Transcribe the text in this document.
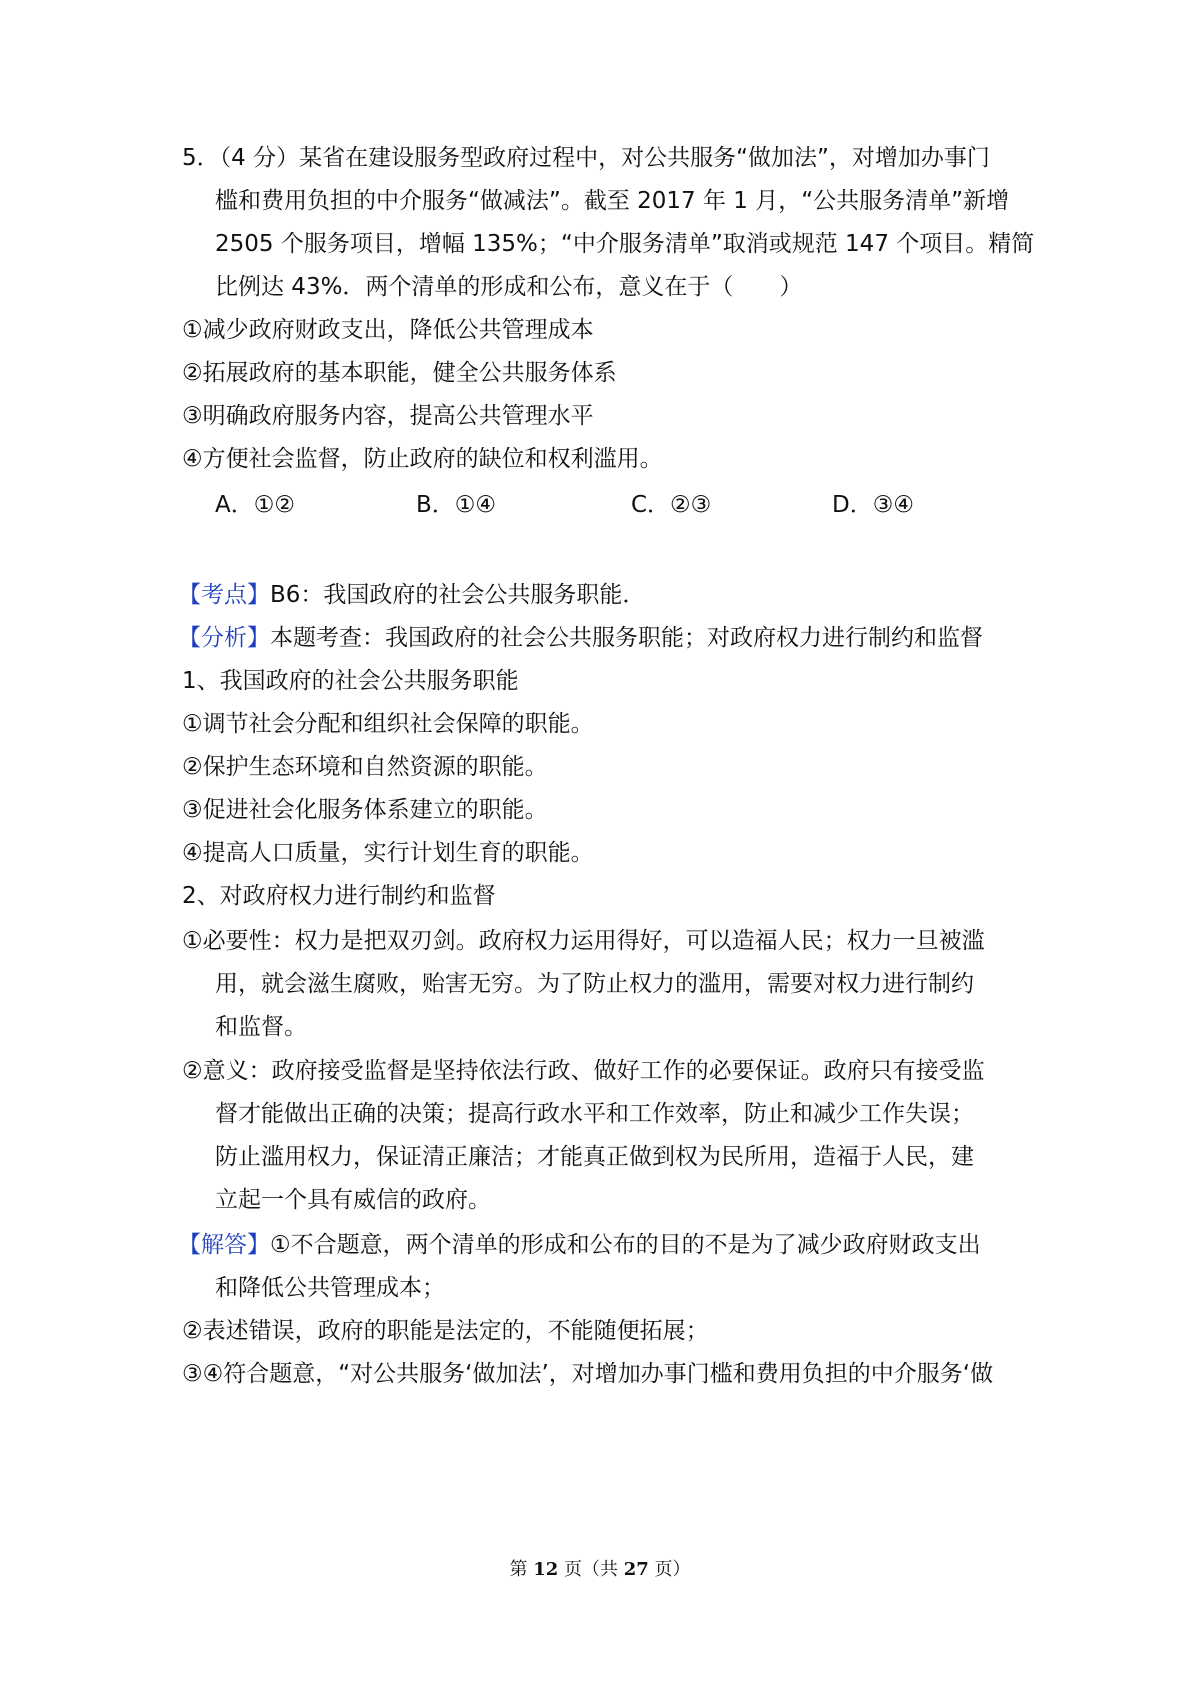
5．（4 分）某省在建设服务型政府过程中，对公共服务“做加法”，对增加办事门
槛和费用负担的中介服务“做减法”。截至 2017 年 1 月，“公共服务清单”新增
2505 个服务项目，增幅 135%；“中介服务清单”取消或规范 147 个项目。精简
比例达 43%．两个清单的形成和公布，意义在于（　　）
①减少政府财政支出，降低公共管理成本
②拓展政府的基本职能，健全公共服务体系
③明确政府服务内容，提高公共管理水平
④方便社会监督，防止政府的缺位和权利滥用。
A．①②	B．①④	C．②③	D．③④
【考点】B6：我国政府的社会公共服务职能．
【分析】本题考查：我国政府的社会公共服务职能；对政府权力进行制约和监督
1、我国政府的社会公共服务职能
①调节社会分配和组织社会保障的职能。
②保护生态环境和自然资源的职能。
③促进社会化服务体系建立的职能。
④提高人口质量，实行计划生育的职能。
2、对政府权力进行制约和监督
①必要性：权力是把双刃剑。政府权力运用得好，可以造福人民；权力一旦被滥
用，就会滋生腐败，贻害无穷。为了防止权力的滥用，需要对权力进行制约
和监督。
②意义：政府接受监督是坚持依法行政、做好工作的必要保证。政府只有接受监
督才能做出正确的决策；提高行政水平和工作效率，防止和减少工作失误；
防止滥用权力，保证清正廉洁；才能真正做到权为民所用，造福于人民，建
立起一个具有威信的政府。
【解答】①不合题意，两个清单的形成和公布的目的不是为了减少政府财政支出
和降低公共管理成本；
②表述错误，政府的职能是法定的，不能随便拓展；
③④符合题意，“对公共服务‘做加法’，对增加办事门槛和费用负担的中介服务‘做
第 12 页（共 27 页）
